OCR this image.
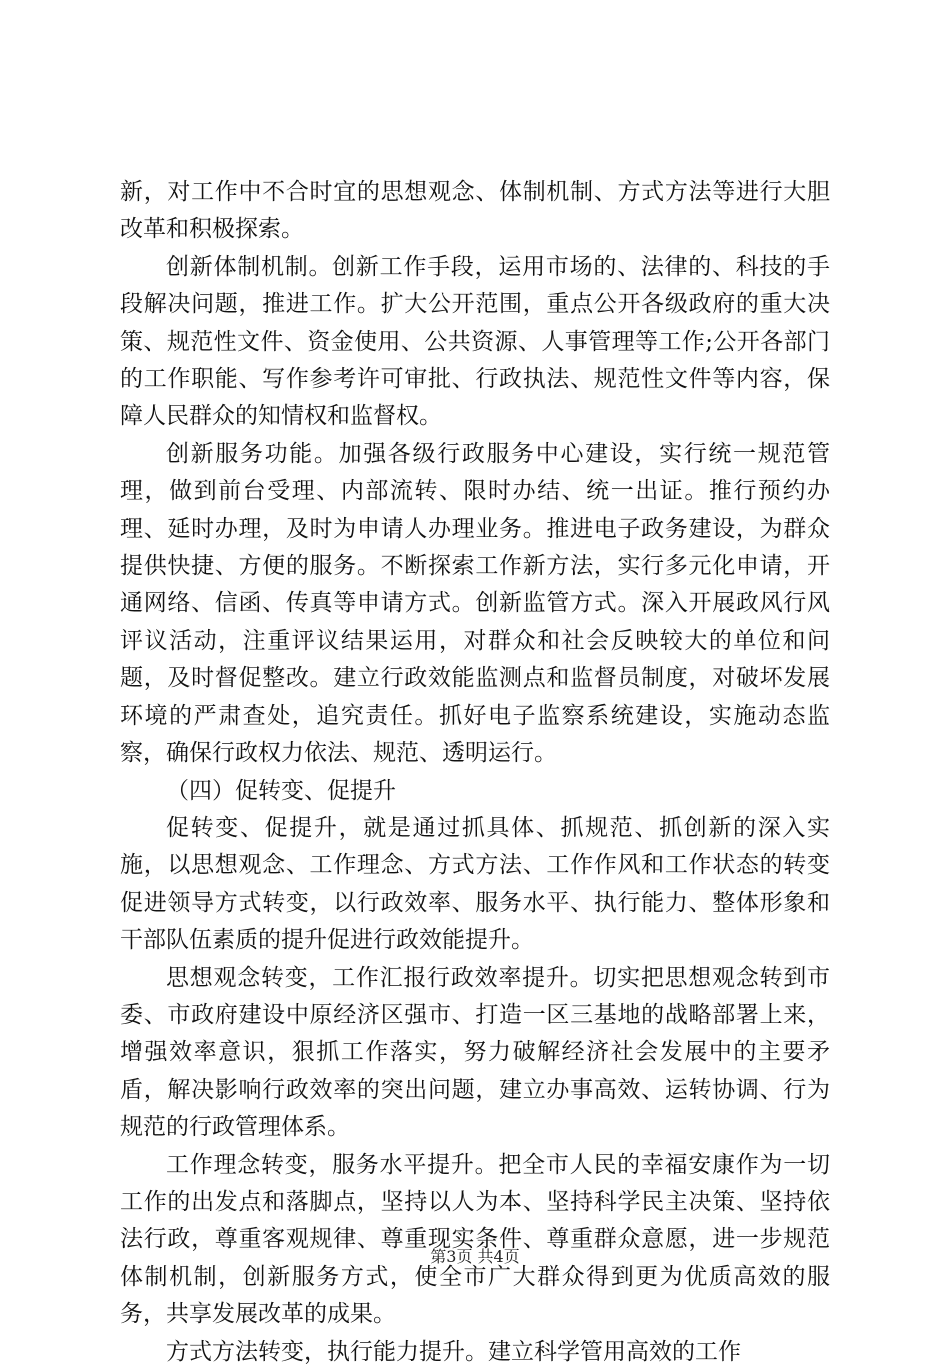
新，对工作中不合时宜的思想观念、体制机制、方式方法等进行大胆改革和积极探索。

创新体制机制。创新工作手段，运用市场的、法律的、科技的手段解决问题，推进工作。扩大公开范围，重点公开各级政府的重大决策、规范性文件、资金使用、公共资源、人事管理等工作;公开各部门的工作职能、写作参考许可审批、行政执法、规范性文件等内容，保障人民群众的知情权和监督权。

创新服务功能。加强各级行政服务中心建设，实行统一规范管理，做到前台受理、内部流转、限时办结、统一出证。推行预约办理、延时办理，及时为申请人办理业务。推进电子政务建设，为群众提供快捷、方便的服务。不断探索工作新方法，实行多元化申请，开通网络、信函、传真等申请方式。创新监管方式。深入开展政风行风评议活动，注重评议结果运用，对群众和社会反映较大的单位和问题，及时督促整改。建立行政效能监测点和监督员制度，对破坏发展环境的严肃查处，追究责任。抓好电子监察系统建设，实施动态监察，确保行政权力依法、规范、透明运行。

（四）促转变、促提升

促转变、促提升，就是通过抓具体、抓规范、抓创新的深入实施，以思想观念、工作理念、方式方法、工作作风和工作状态的转变促进领导方式转变，以行政效率、服务水平、执行能力、整体形象和干部队伍素质的提升促进行政效能提升。

思想观念转变，工作汇报行政效率提升。切实把思想观念转到市委、市政府建设中原经济区强市、打造一区三基地的战略部署上来，增强效率意识，狠抓工作落实，努力破解经济社会发展中的主要矛盾，解决影响行政效率的突出问题，建立办事高效、运转协调、行为规范的行政管理体系。

工作理念转变，服务水平提升。把全市人民的幸福安康作为一切工作的出发点和落脚点，坚持以人为本、坚持科学民主决策、坚持依法行政，尊重客观规律、尊重现实条件、尊重群众意愿，进一步规范体制机制，创新服务方式，使全市广大群众得到更为优质高效的服务，共享发展改革的成果。

方式方法转变，执行能力提升。建立科学管用高效的工作

第3页 共4页
